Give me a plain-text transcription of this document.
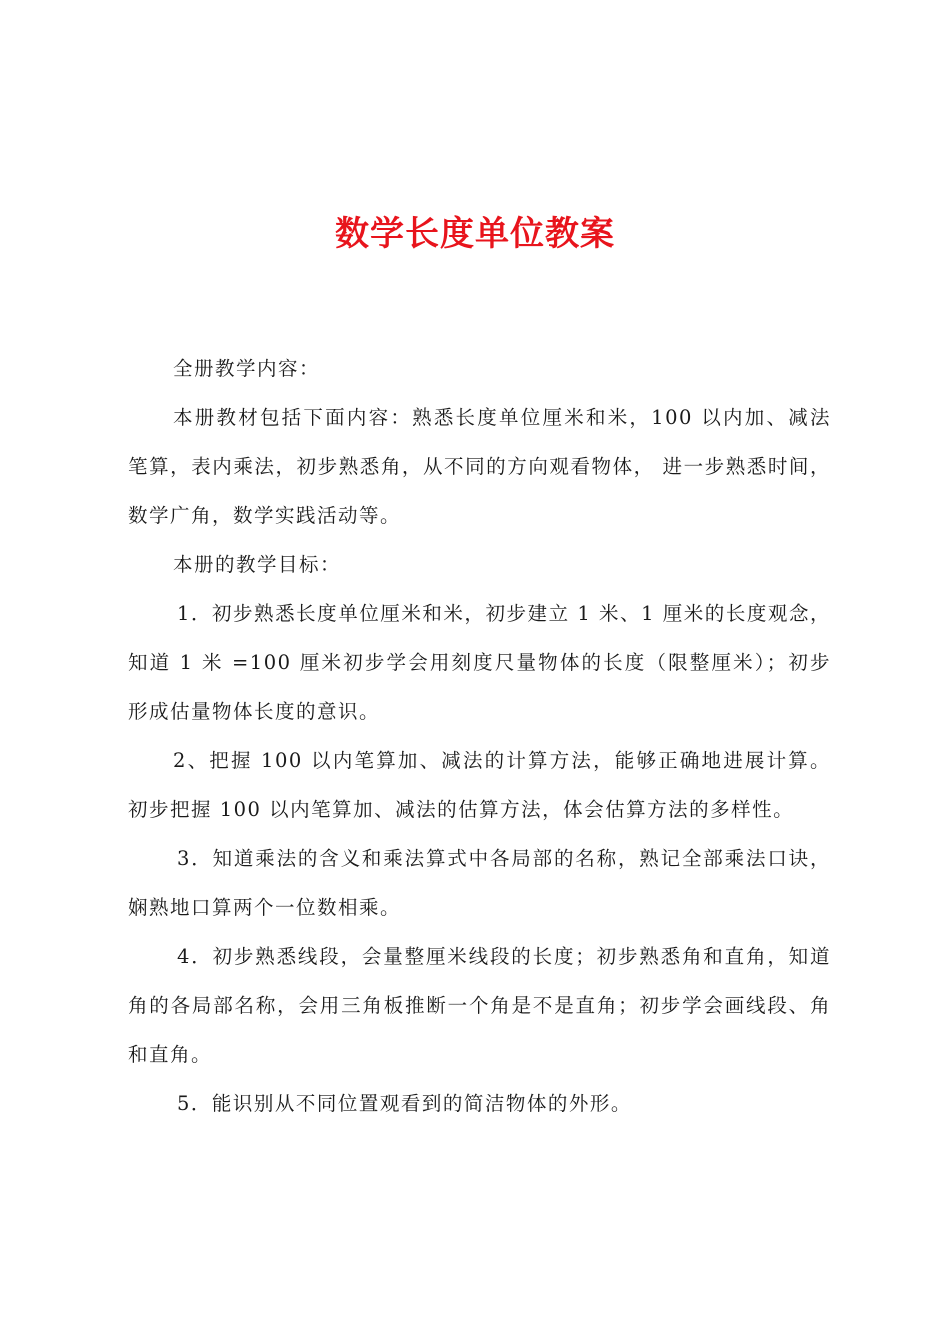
数学长度单位教案

全册教学内容：

本册教材包括下面内容：熟悉长度单位厘米和米，100 以内加、减法笔算，表内乘法，初步熟悉角，从不同的方向观看物体， 进一步熟悉时间，数学广角，数学实践活动等。

本册的教学目标：

1．初步熟悉长度单位厘米和米，初步建立 1 米、1 厘米的长度观念，知道 1 米 =100 厘米初步学会用刻度尺量物体的长度（限整厘米）；初步形成估量物体长度的意识。

2、把握 100 以内笔算加、减法的计算方法，能够正确地进展计算。初步把握 100 以内笔算加、减法的估算方法，体会估算方法的多样性。

3．知道乘法的含义和乘法算式中各局部的名称，熟记全部乘法口诀，娴熟地口算两个一位数相乘。

4．初步熟悉线段，会量整厘米线段的长度；初步熟悉角和直角，知道角的各局部名称，会用三角板推断一个角是不是直角；初步学会画线段、角和直角。

5．能识别从不同位置观看到的简洁物体的外形。
